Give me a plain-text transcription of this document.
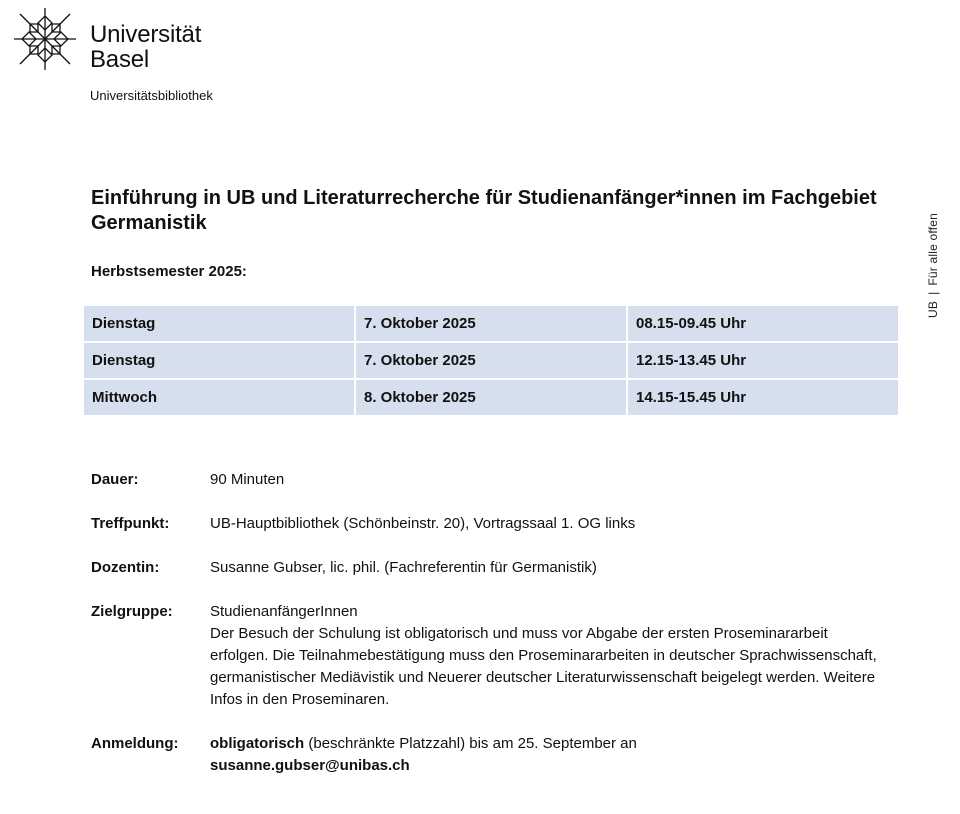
Universität
Basel
Universitätsbibliothek
UB|Für alle offen
Einführung in UB und Literaturrecherche für Studienanfänger*innen im Fachgebiet Germanistik
Herbstsemester 2025:
Dienstag	7. Oktober 2025	08.15-09.45 Uhr
Dienstag	7. Oktober 2025	12.15-13.45 Uhr
Mittwoch	8. Oktober 2025	14.15-15.45 Uhr
Dauer:	90 Minuten
Treffpunkt:	UB-Hauptbibliothek (Schönbeinstr. 20), Vortragssaal 1. OG links
Dozentin:	Susanne Gubser, lic. phil. (Fachreferentin für Germanistik)
Zielgruppe: StudienanfängerInnen
Der Besuch der Schulung ist obligatorisch und muss vor Abgabe der ersten Proseminararbeit erfolgen. Die Teilnahmebestätigung muss den Proseminararbeiten in deutscher Sprachwissenschaft, germanistischer Mediävistik und Neuerer deutscher Literaturwissenschaft beigelegt werden. Weitere Infos in den Proseminaren.
Anmeldung: obligatorisch (beschränkte Platzzahl) bis am 25. September an
susanne.gubser@unibas.ch
